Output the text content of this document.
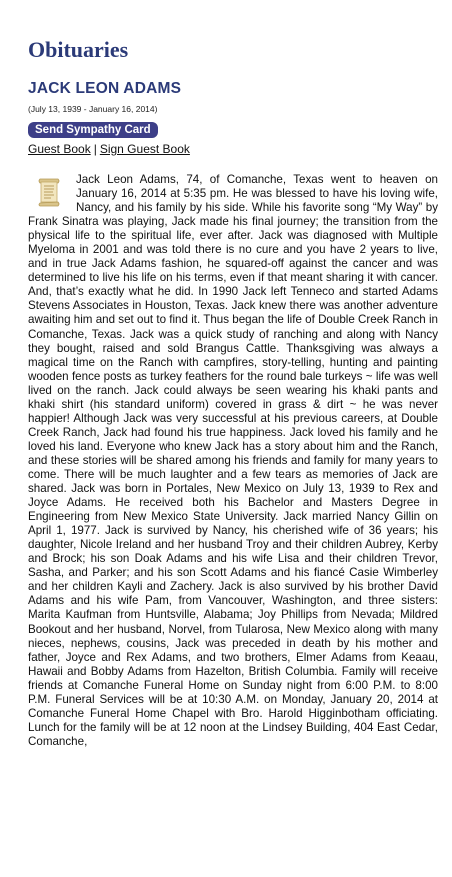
Obituaries
JACK LEON ADAMS
(July 13, 1939 - January 16, 2014)
Send Sympathy Card
Guest Book | Sign Guest Book

Jack Leon Adams, 74, of Comanche, Texas went to heaven on January 16, 2014 at 5:35 pm. He was blessed to have his loving wife, Nancy, and his family by his side. While his favorite song “My Way” by Frank Sinatra was playing, Jack made his final journey; the transition from the physical life to the spiritual life, ever after. Jack was diagnosed with Multiple Myeloma in 2001 and was told there is no cure and you have 2 years to live, and in true Jack Adams fashion, he squared-off against the cancer and was determined to live his life on his terms, even if that meant sharing it with cancer. And, that’s exactly what he did. In 1990 Jack left Tenneco and started Adams Stevens Associates in Houston, Texas. Jack knew there was another adventure awaiting him and set out to find it. Thus began the life of Double Creek Ranch in Comanche, Texas. Jack was a quick study of ranching and along with Nancy they bought, raised and sold Brangus Cattle. Thanksgiving was always a magical time on the Ranch with campfires, story-telling, hunting and painting wooden fence posts as turkey feathers for the round bale turkeys ~ life was well lived on the ranch. Jack could always be seen wearing his khaki pants and khaki shirt (his standard uniform) covered in grass & dirt ~ he was never happier! Although Jack was very successful at his previous careers, at Double Creek Ranch, Jack had found his true happiness. Jack loved his family and he loved his land. Everyone who knew Jack has a story about him and the Ranch, and these stories will be shared among his friends and family for many years to come. There will be much laughter and a few tears as memories of Jack are shared. Jack was born in Portales, New Mexico on July 13, 1939 to Rex and Joyce Adams. He received both his Bachelor and Masters Degree in Engineering from New Mexico State University. Jack married Nancy Gillin on April 1, 1977. Jack is survived by Nancy, his cherished wife of 36 years; his daughter, Nicole Ireland and her husband Troy and their children Aubrey, Kerby and Brock; his son Doak Adams and his wife Lisa and their children Trevor, Sasha, and Parker; and his son Scott Adams and his fiancé Casie Wimberley and her children Kayli and Zachery. Jack is also survived by his brother David Adams and his wife Pam, from Vancouver, Washington, and three sisters: Marita Kaufman from Huntsville, Alabama; Joy Phillips from Nevada; Mildred Bookout and her husband, Norvel, from Tularosa, New Mexico along with many nieces, nephews, cousins, Jack was preceded in death by his mother and father, Joyce and Rex Adams, and two brothers, Elmer Adams from Keaau, Hawaii and Bobby Adams from Hazelton, British Columbia. Family will receive friends at Comanche Funeral Home on Sunday night from 6:00 P.M. to 8:00 P.M. Funeral Services will be at 10:30 A.M. on Monday, January 20, 2014 at Comanche Funeral Home Chapel with Bro. Harold Higginbotham officiating. Lunch for the family will be at 12 noon at the Lindsey Building, 404 East Cedar, Comanche,
